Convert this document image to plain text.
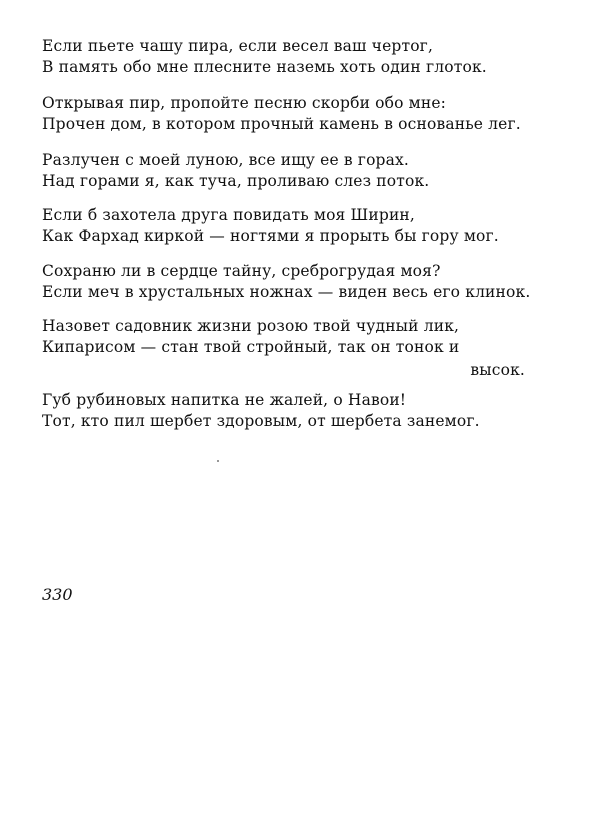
Если пьете чашу пира, если весел ваш чертог,
В память обо мне плесните наземь хоть один глоток.
Открывая пир, пропойте песню скорби обо мне:
Прочен дом, в котором прочный камень в основанье лег.
Разлучен с моей луною, все ищу ее в горах.
Над горами я, как туча, проливаю слез поток.
Если б захотела друга повидать моя Ширин,
Как Фархад киркой — ногтями я прорыть бы гору мог.
Сохраню ли в сердце тайну, среброгрудая моя?
Если меч в хрустальных ножнах — виден весь его клинок.
Назовет садовник жизни розою твой чудный лик,
Кипарисом — стан твой стройный, так он тонок и
высок.
Губ рубиновых напитка не жалей, о Навои!
Тот, кто пил шербет здоровым, от шербета занемог.
330
